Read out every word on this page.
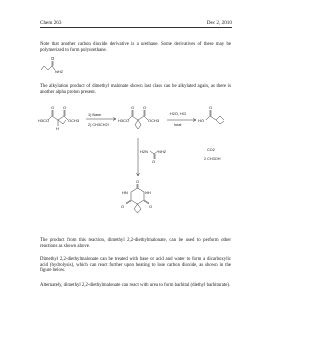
Chem 263	Dec 2, 2010

Note that another carbon dioxide derivative is a urethane. Some derivatives of these may be polymerized to form polyurethane.

The alkylation product of dimethyl malonate shown last class can be alkylated again, as there is another alpha proton present.

The product from this reaction, dimethyl 2,2-diethylmalonate, can be used to perform other reactions as shown above.

Dimethyl 2,2-diethylmalonate can be treated with base or acid and water to form a dicarboxylic acid (hydrolysis), which can react further upon heating to lose carbon dioxide, as shown in the figure below.

Alternately, dimethyl 2,2-diethylmalonate can react with urea to form barbital (diethyl barbiturate).

O
NH2
H3CO
O O
OCH3
H
1) Base
2) CH3CH2I
H3CO
O O
OCH3
H2O, HCl
heat
HO
O
CO2
2 CH3OH
H2N
O
NH2
O
HN	NH
O	O
